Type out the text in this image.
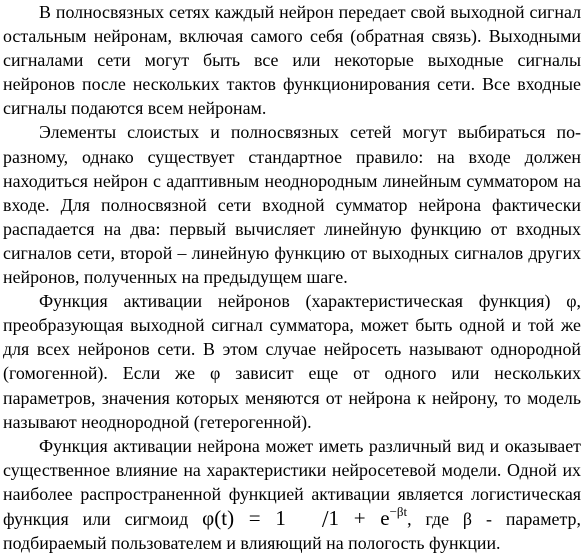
В полносвязных сетях каждый нейрон передает свой выходной сигнал остальным нейронам, включая самого себя (обратная связь). Выходными сигналами сети могут быть все или некоторые выходные сигналы нейронов после нескольких тактов функционирования сети. Все входные сигналы подаются всем нейронам.

Элементы слоистых и полносвязных сетей могут выбираться по-разному, однако существует стандартное правило: на входе должен находиться нейрон с адаптивным неоднородным линейным сумматором на входе. Для полносвязной сети входной сумматор нейрона фактически распадается на два: первый вычисляет линейную функцию от входных сигналов сети, второй – линейную функцию от выходных сигналов других нейронов, полученных на предыдущем шаге.

Функция активации нейронов (характеристическая функция) φ, преобразующая выходной сигнал сумматора, может быть одной и той же для всех нейронов сети. В этом случае нейросеть называют однородной (гомогенной). Если же φ зависит еще от одного или нескольких параметров, значения которых меняются от нейрона к нейрону, то модель называют неоднородной (гетерогенной).

Функция активации нейрона может иметь различный вид и оказывает существенное влияние на характеристики нейросетевой модели. Одной их наиболее распространенной функцией активации является логистическая функция или сигмоид φ(t) = 1 $/1 + e^{-\beta t}$, где β - параметр, подбираемый пользователем и влияющий на пологость функции.
